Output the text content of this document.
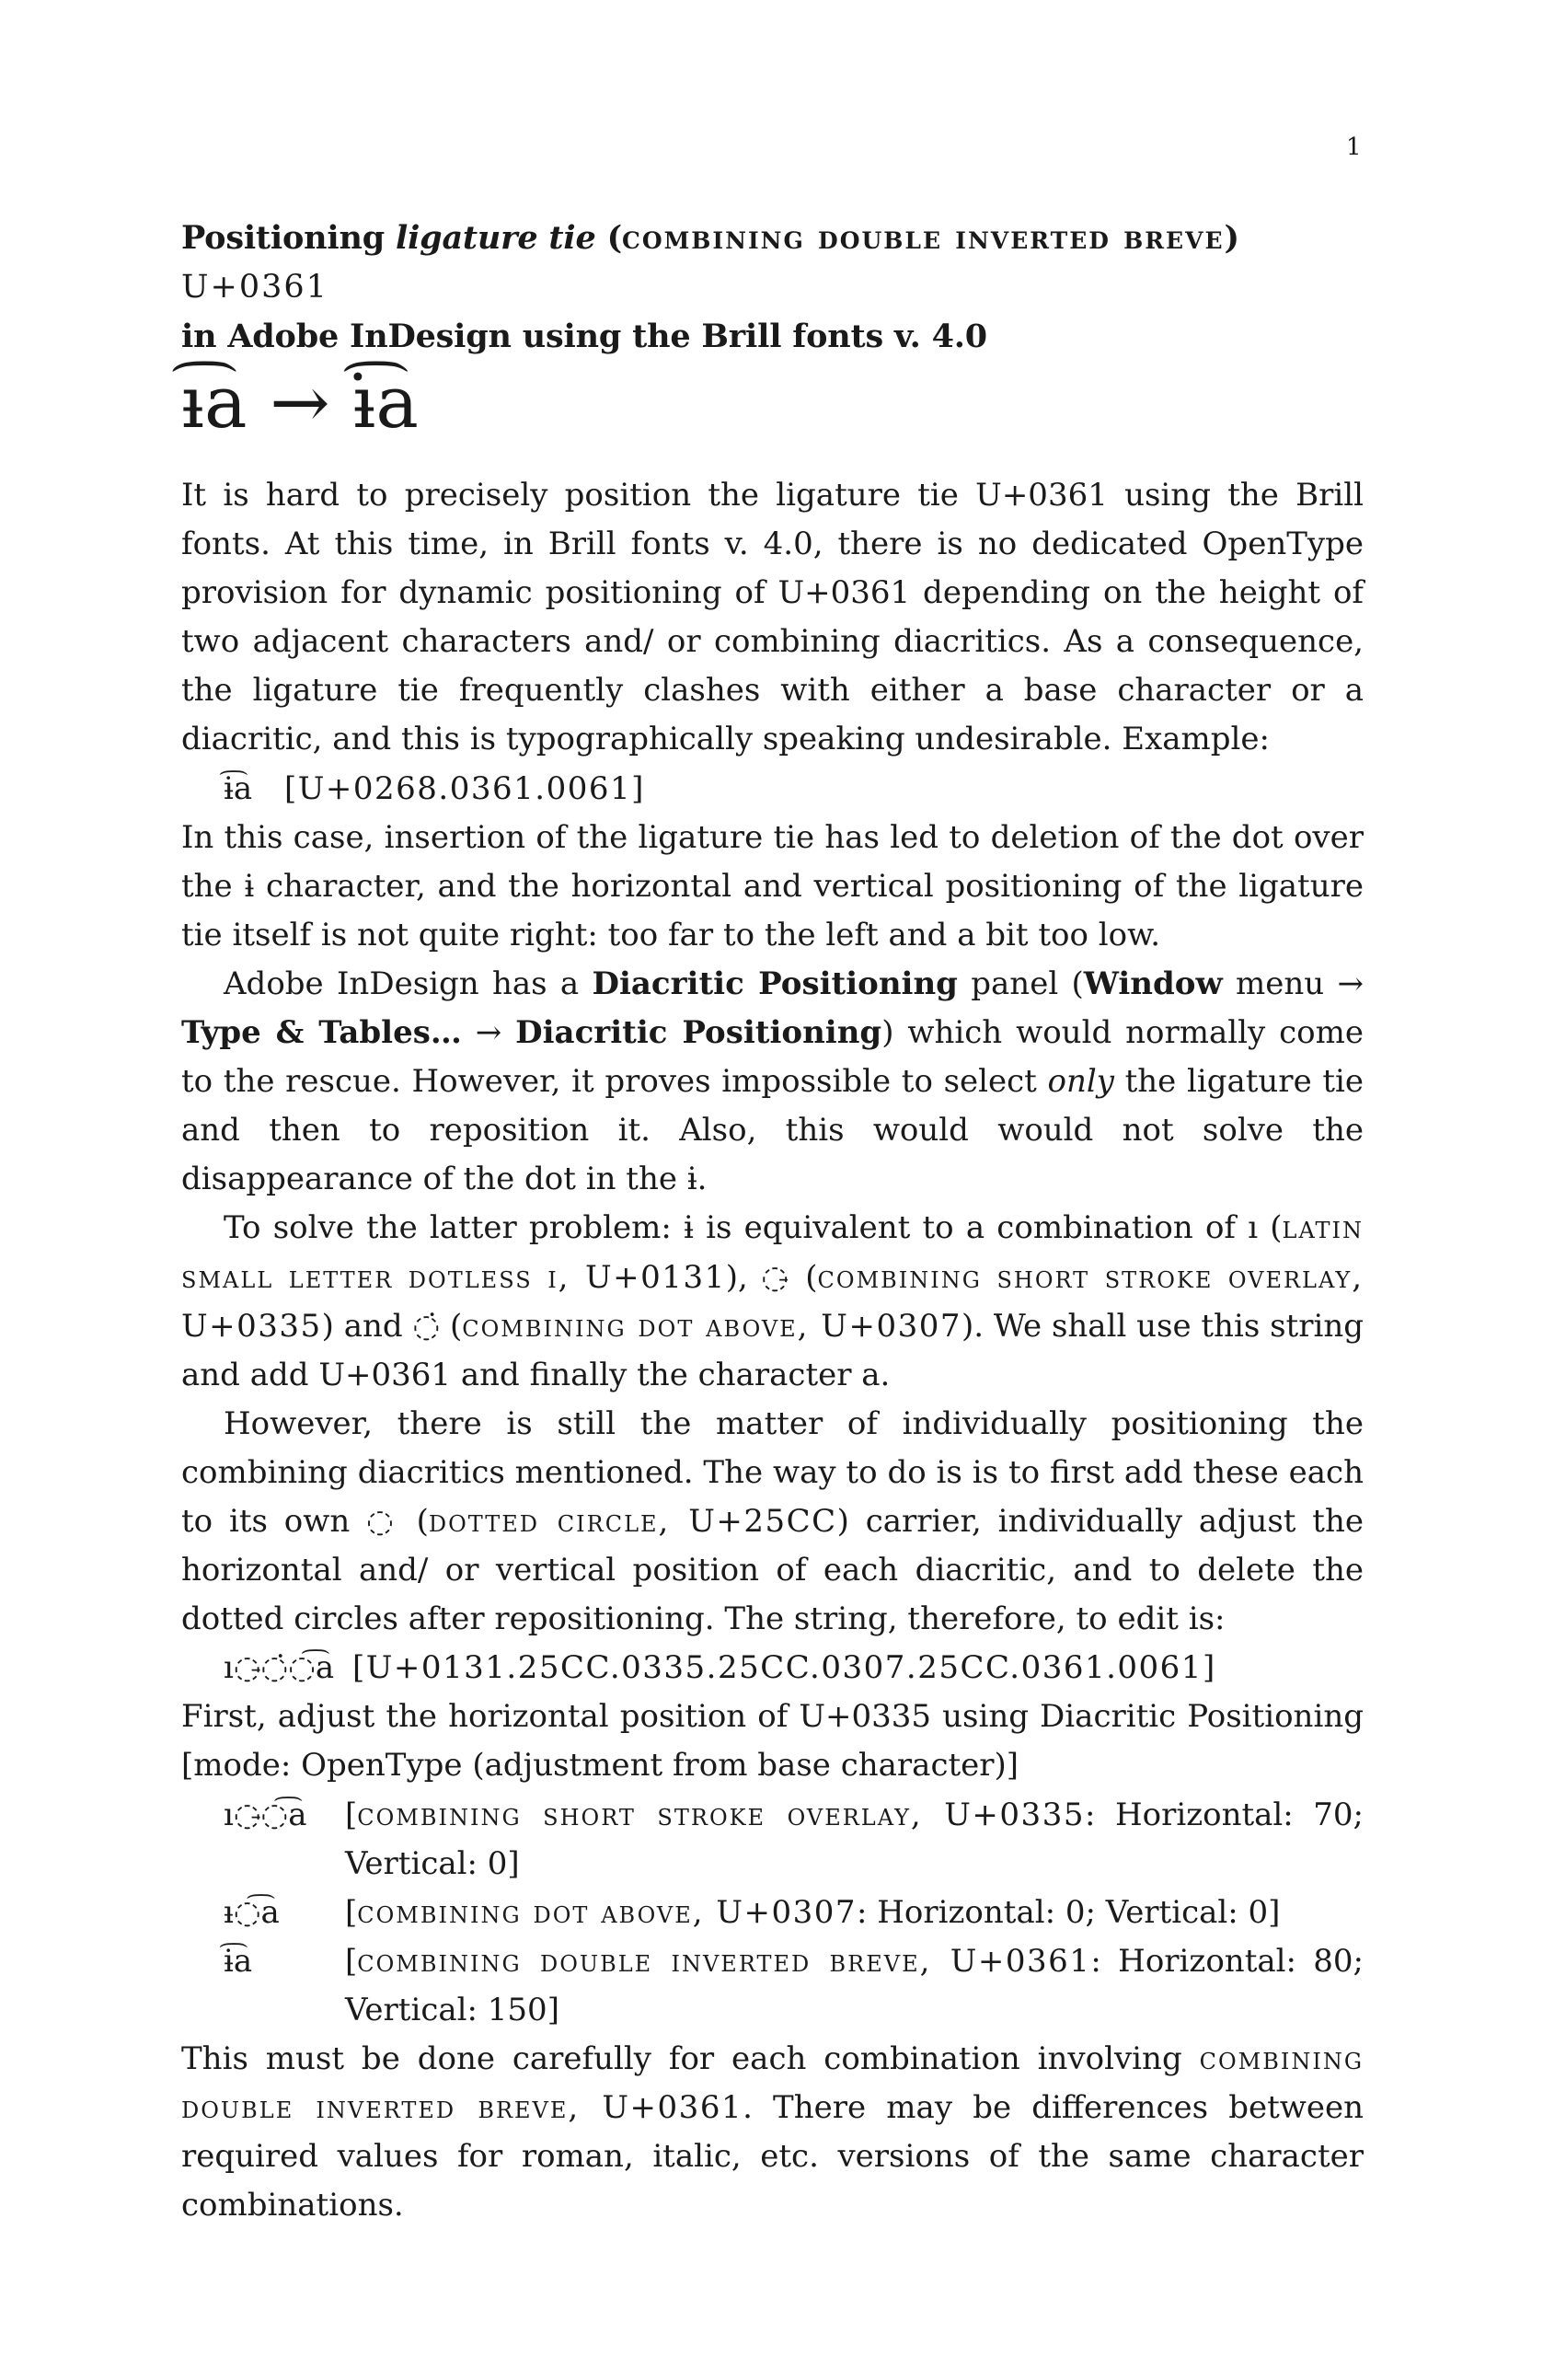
1

Positioning ligature tie (combining double inverted breve) U+0361
in Adobe InDesign using the Brill fonts v. 4.0

ı̵͡a → ı̵̇͡a

It is hard to precisely position the ligature tie U+0361 using the Brill fonts. At this time, in Brill fonts v. 4.0, there is no dedicated OpenType provision for dynamic positioning of U+0361 depending on the height of two adjacent characters and/ or combining diacritics. As a consequence, the ligature tie frequently clashes with either a base character or a diacritic, and this is typographically speaking undesirable. Example:

ɨ͡a [U+0268.0361.0061]

In this case, insertion of the ligature tie has led to deletion of the dot over the ɨ character, and the horizontal and vertical positioning of the ligature tie itself is not quite right: too far to the left and a bit too low.

Adobe InDesign has a Diacritic Positioning panel (Window menu → Type & Tables… → Diacritic Positioning) which would normally come to the rescue. However, it proves impossible to select only the ligature tie and then to reposition it. Also, this would would not solve the disappearance of the dot in the ɨ.

To solve the latter problem: ɨ is equivalent to a combination of ı (latin small letter dotless i, U+0131), ◌̵ (combining short stroke overlay, U+0335) and ◌̇ (combining dot above, U+0307). We shall use this string and add U+0361 and finally the character a.

However, there is still the matter of individually positioning the combining diacritics mentioned. The way to do is is to first add these each to its own ◌ (dotted circle, U+25CC) carrier, individually adjust the horizontal and/ or vertical position of each diacritic, and to delete the dotted circles after repositioning. The string, therefore, to edit is:

ı◌̵◌̇◌͡a [U+0131.25CC.0335.25CC.0307.25CC.0361.0061]

First, adjust the horizontal position of U+0335 using Diacritic Positioning [mode: OpenType (adjustment from base character)]

ı◌̵◌͡a	[combining short stroke overlay, U+0335: Horizontal: 70; Vertical: 0]
ı̵◌͡a	[combining dot above, U+0307: Horizontal: 0; Vertical: 0]
ɨ͡a	[combining double inverted breve, U+0361: Horizontal: 80; Vertical: 150]

This must be done carefully for each combination involving combining double inverted breve, U+0361. There may be differences between required values for roman, italic, etc. versions of the same character combinations.
